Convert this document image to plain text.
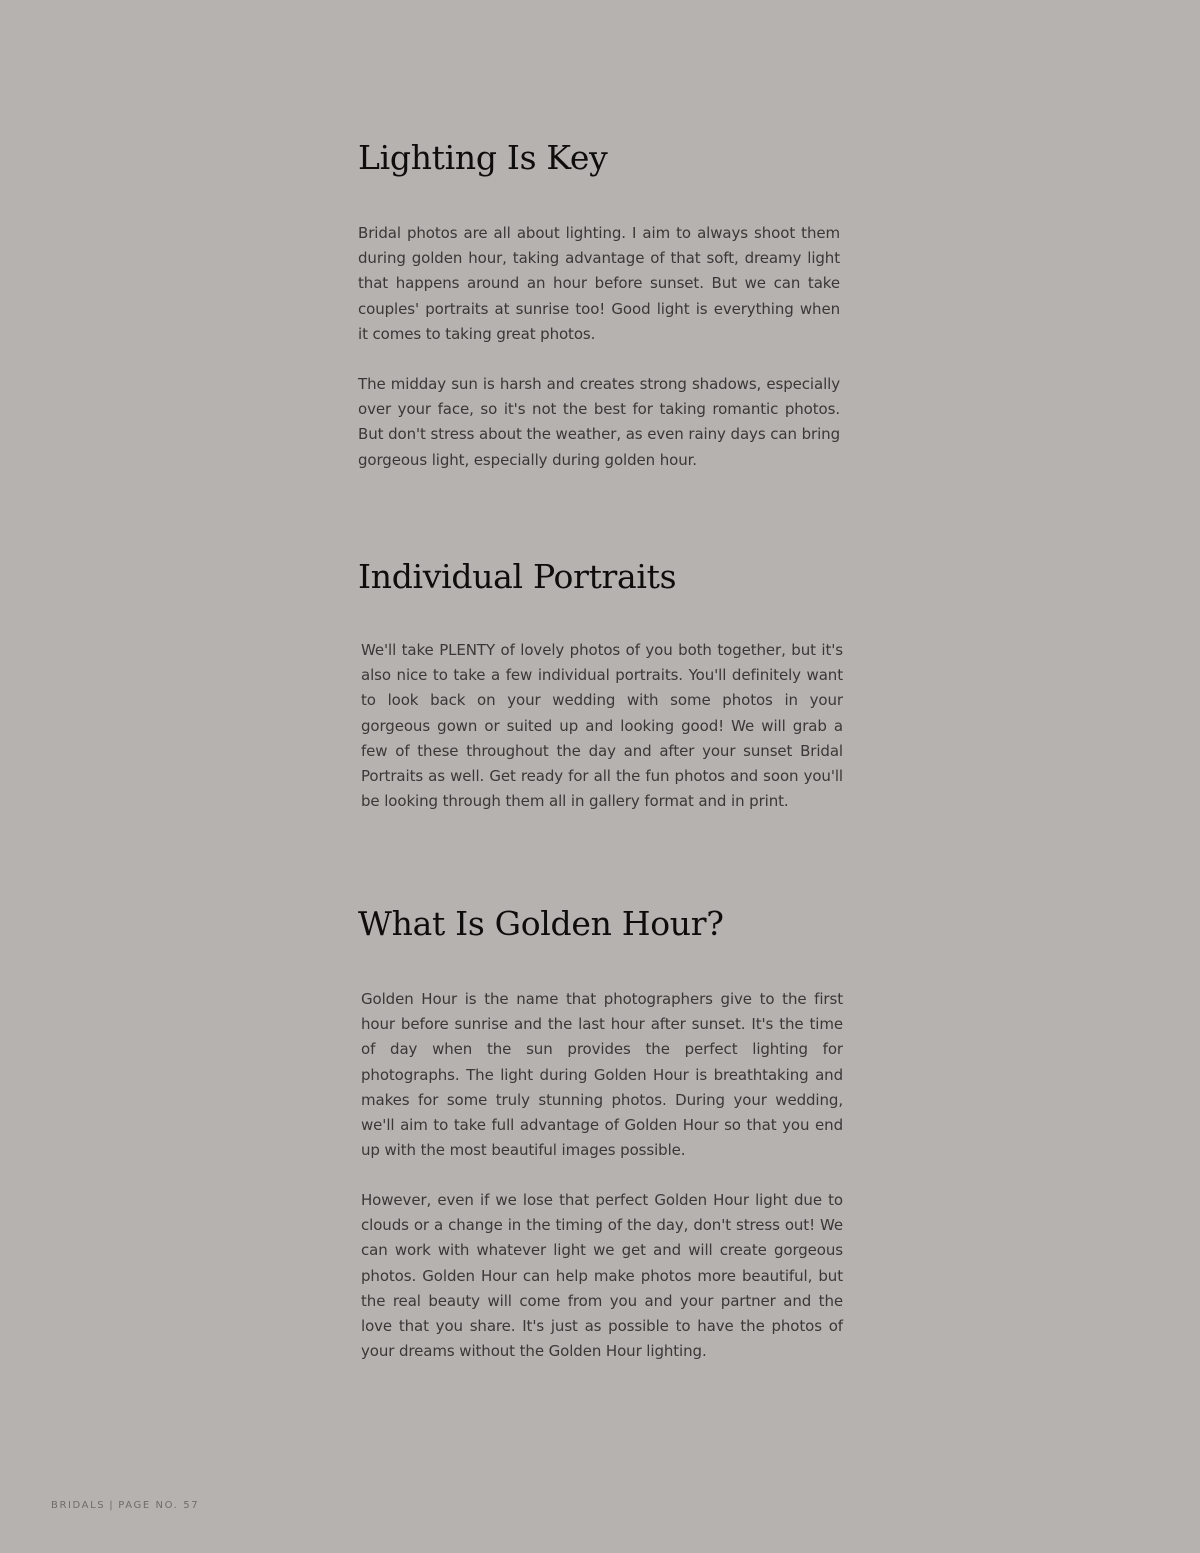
Lighting Is Key

Bridal photos are all about lighting. I aim to always shoot them during golden hour, taking advantage of that soft, dreamy light that happens around an hour before sunset. But we can take couples' portraits at sunrise too! Good light is everything when it comes to taking great photos.

The midday sun is harsh and creates strong shadows, especially over your face, so it's not the best for taking romantic photos. But don't stress about the weather, as even rainy days can bring gorgeous light, especially during golden hour.

Individual Portraits

We'll take PLENTY of lovely photos of you both together, but it's also nice to take a few individual portraits. You'll definitely want to look back on your wedding with some photos in your gorgeous gown or suited up and looking good! We will grab a few of these throughout the day and after your sunset Bridal Portraits as well. Get ready for all the fun photos and soon you'll be looking through them all in gallery format and in print.

What Is Golden Hour?

Golden Hour is the name that photographers give to the first hour before sunrise and the last hour after sunset. It's the time of day when the sun provides the perfect lighting for photographs. The light during Golden Hour is breathtaking and makes for some truly stunning photos. During your wedding, we'll aim to take full advantage of Golden Hour so that you end up with the most beautiful images possible.

However, even if we lose that perfect Golden Hour light due to clouds or a change in the timing of the day, don't stress out! We can work with whatever light we get and will create gorgeous photos. Golden Hour can help make photos more beautiful, but the real beauty will come from you and your partner and the love that you share. It's just as possible to have the photos of your dreams without the Golden Hour lighting.

BRIDALS | PAGE NO. 57
